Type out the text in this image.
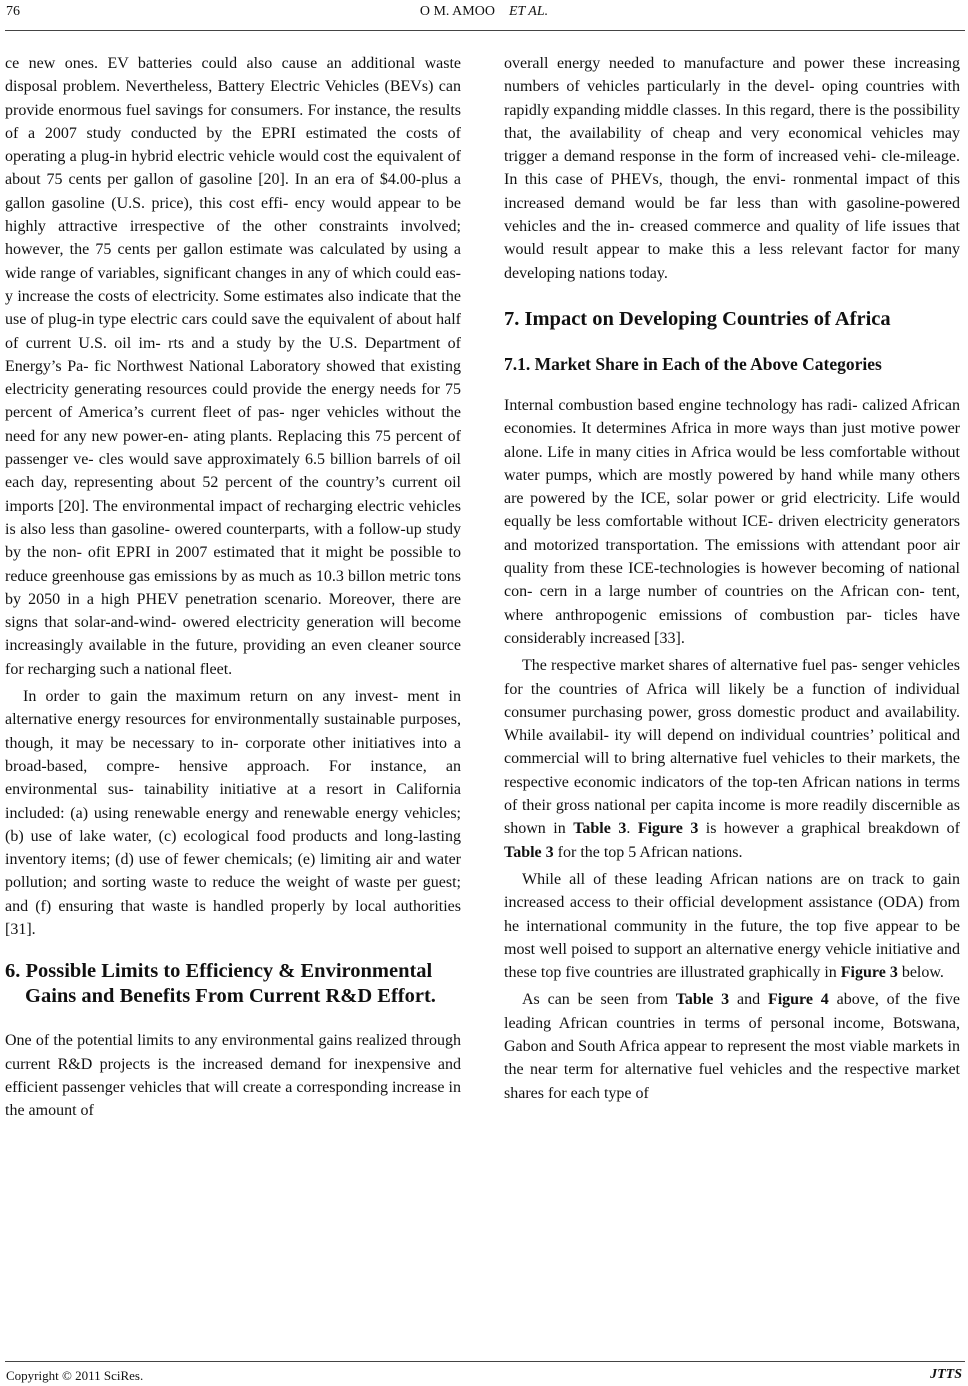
76	O M. AMOO ET AL.

ce new ones. EV batteries could also cause an additional waste disposal problem. Nevertheless, Battery Electric Vehicles (BEVs) can provide enormous fuel savings for consumers. For instance, the results of a 2007 study conducted by the EPRI estimated the costs of operating a plug-in hybrid electric vehicle would cost the equivalent of about 75 cents per gallon of gasoline [20]. In an era of $4.00-plus a gallon gasoline (U.S. price), this cost effi- ency would appear to be highly attractive irrespective of the other constraints involved; however, the 75 cents per gallon estimate was calculated by using a wide range of variables, significant changes in any of which could eas- y increase the costs of electricity. Some estimates also indicate that the use of plug-in type electric cars could save the equivalent of about half of current U.S. oil im- rts and a study by the U.S. Department of Energy’s Pa- fic Northwest National Laboratory showed that existing electricity generating resources could provide the energy needs for 75 percent of America’s current fleet of pas- nger vehicles without the need for any new power-en- ating plants. Replacing this 75 percent of passenger ve- cles would save approximately 6.5 billion barrels of oil each day, representing about 52 percent of the country’s current oil imports [20]. The environmental impact of recharging electric vehicles is also less than gasoline- owered counterparts, with a follow-up study by the non- ofit EPRI in 2007 estimated that it might be possible to reduce greenhouse gas emissions by as much as 10.3 billon metric tons by 2050 in a high PHEV penetration scenario. Moreover, there are signs that solar-and-wind- owered electricity generation will become increasingly available in the future, providing an even cleaner source for recharging such a national fleet.

In order to gain the maximum return on any invest- ment in alternative energy resources for environmentally sustainable purposes, though, it may be necessary to in- corporate other initiatives into a broad-based, compre- hensive approach. For instance, an environmental sus- tainability initiative at a resort in California included: (a) using renewable energy and renewable energy vehicles; (b) use of lake water, (c) ecological food products and long-lasting inventory items; (d) use of fewer chemicals; (e) limiting air and water pollution; and sorting waste to reduce the weight of waste per guest; and (f) ensuring that waste is handled properly by local authorities [31].

6. Possible Limits to Efficiency & Environmental Gains and Benefits From Current R&D Effort.

One of the potential limits to any environmental gains realized through current R&D projects is the increased demand for inexpensive and efficient passenger vehicles that will create a corresponding increase in the amount of

overall energy needed to manufacture and power these increasing numbers of vehicles particularly in the devel- oping countries with rapidly expanding middle classes. In this regard, there is the possibility that, the availability of cheap and very economical vehicles may trigger a demand response in the form of increased vehi- cle-mileage. In this case of PHEVs, though, the envi- ronmental impact of this increased demand would be far less than with gasoline-powered vehicles and the in- creased commerce and quality of life issues that would result appear to make this a less relevant factor for many developing nations today.

7. Impact on Developing Countries of Africa
7.1. Market Share in Each of the Above Categories

Internal combustion based engine technology has radi- calized African economies. It determines Africa in more ways than just motive power alone. Life in many cities in Africa would be less comfortable without water pumps, which are mostly powered by hand while many others are powered by the ICE, solar power or grid electricity. Life would equally be less comfortable without ICE- driven electricity generators and motorized transportation. The emissions with attendant poor air quality from these ICE-technologies is however becoming of national con- cern in a large number of countries on the African con- tent, where anthropogenic emissions of combustion par- ticles have considerably increased [33].

The respective market shares of alternative fuel pas- senger vehicles for the countries of Africa will likely be a function of individual consumer purchasing power, gross domestic product and availability. While availabil- ity will depend on individual countries’ political and commercial will to bring alternative fuel vehicles to their markets, the respective economic indicators of the top-ten African nations in terms of their gross national per capita income is more readily discernible as shown in Table 3. Figure 3 is however a graphical breakdown of Table 3 for the top 5 African nations.

While all of these leading African nations are on track to gain increased access to their official development assistance (ODA) from he international community in the future, the top five appear to be most well poised to support an alternative energy vehicle initiative and these top five countries are illustrated graphically in Figure 3 below.

As can be seen from Table 3 and Figure 4 above, of the five leading African countries in terms of personal income, Botswana, Gabon and South Africa appear to represent the most viable markets in the near term for alternative fuel vehicles and the respective market shares for each type of

Copyright © 2011 SciRes.	JTTS
